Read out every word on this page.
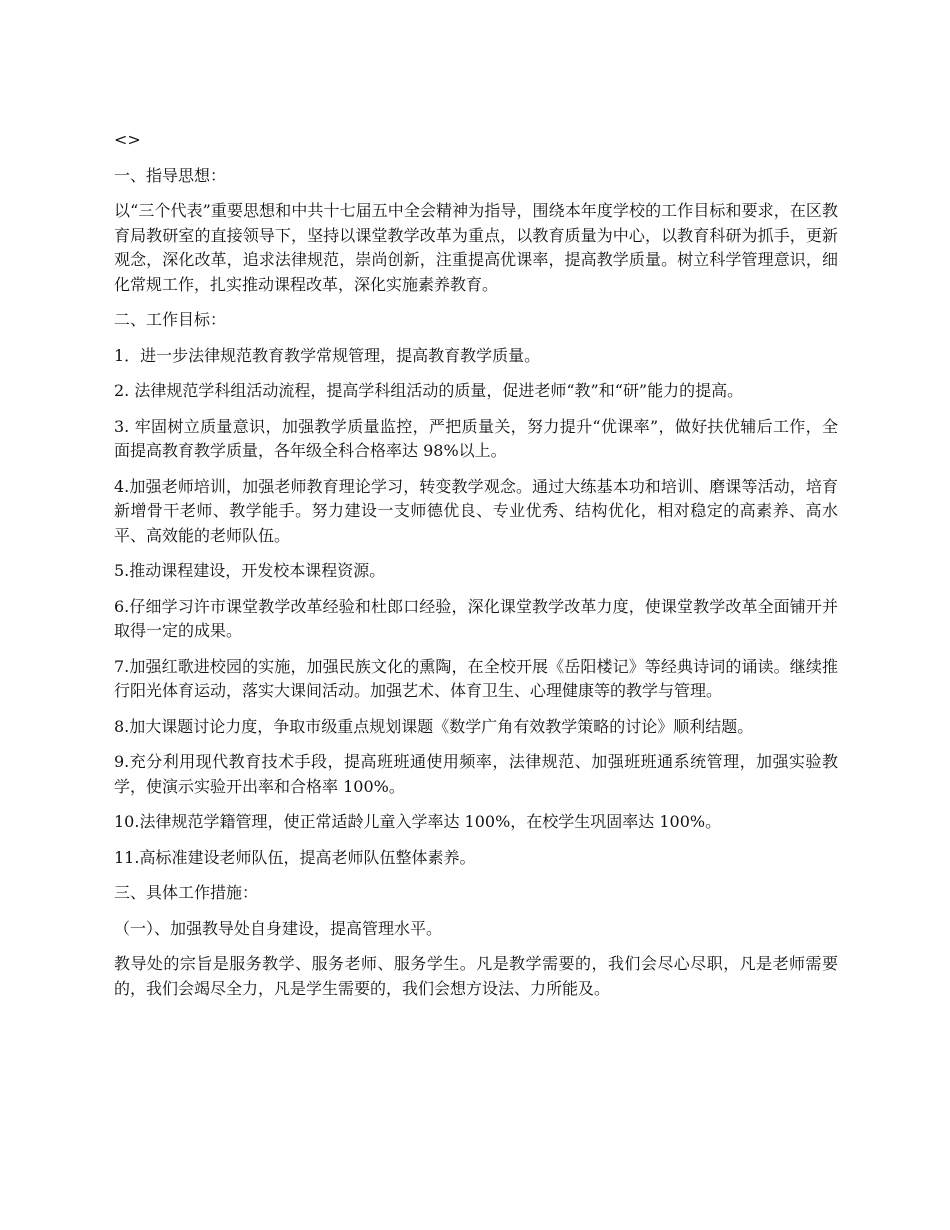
<>

一、指导思想：

以“三个代表”重要思想和中共十七届五中全会精神为指导，围绕本年度学校的工作目标和要求，在区教育局教研室的直接领导下，坚持以课堂教学改革为重点，以教育质量为中心，以教育科研为抓手，更新观念，深化改革，追求法律规范，崇尚创新，注重提高优课率，提高教学质量。树立科学管理意识，细化常规工作，扎实推动课程改革，深化实施素养教育。

二、工作目标：

1．进一步法律规范教育教学常规管理，提高教育教学质量。

2. 法律规范学科组活动流程，提高学科组活动的质量，促进老师“教”和“研”能力的提高。

3. 牢固树立质量意识，加强教学质量监控，严把质量关，努力提升“优课率”，做好扶优辅后工作，全面提高教育教学质量，各年级全科合格率达 98%以上。

4.加强老师培训，加强老师教育理论学习，转变教学观念。通过大练基本功和培训、磨课等活动，培育新增骨干老师、教学能手。努力建设一支师德优良、专业优秀、结构优化，相对稳定的高素养、高水平、高效能的老师队伍。

5.推动课程建设，开发校本课程资源。

6.仔细学习许市课堂教学改革经验和杜郎口经验，深化课堂教学改革力度，使课堂教学改革全面铺开并取得一定的成果。

7.加强红歌进校园的实施，加强民族文化的熏陶，在全校开展《岳阳楼记》等经典诗词的诵读。继续推行阳光体育运动，落实大课间活动。加强艺术、体育卫生、心理健康等的教学与管理。

8.加大课题讨论力度，争取市级重点规划课题《数学广角有效教学策略的讨论》顺利结题。

9.充分利用现代教育技术手段，提高班班通使用频率，法律规范、加强班班通系统管理，加强实验教学，使演示实验开出率和合格率 100%。

10.法律规范学籍管理，使正常适龄儿童入学率达 100%，在校学生巩固率达 100%。

11.高标准建设老师队伍，提高老师队伍整体素养。

三、具体工作措施：

（一）、加强教导处自身建设，提高管理水平。

教导处的宗旨是服务教学、服务老师、服务学生。凡是教学需要的，我们会尽心尽职，凡是老师需要的，我们会竭尽全力，凡是学生需要的，我们会想方设法、力所能及。
